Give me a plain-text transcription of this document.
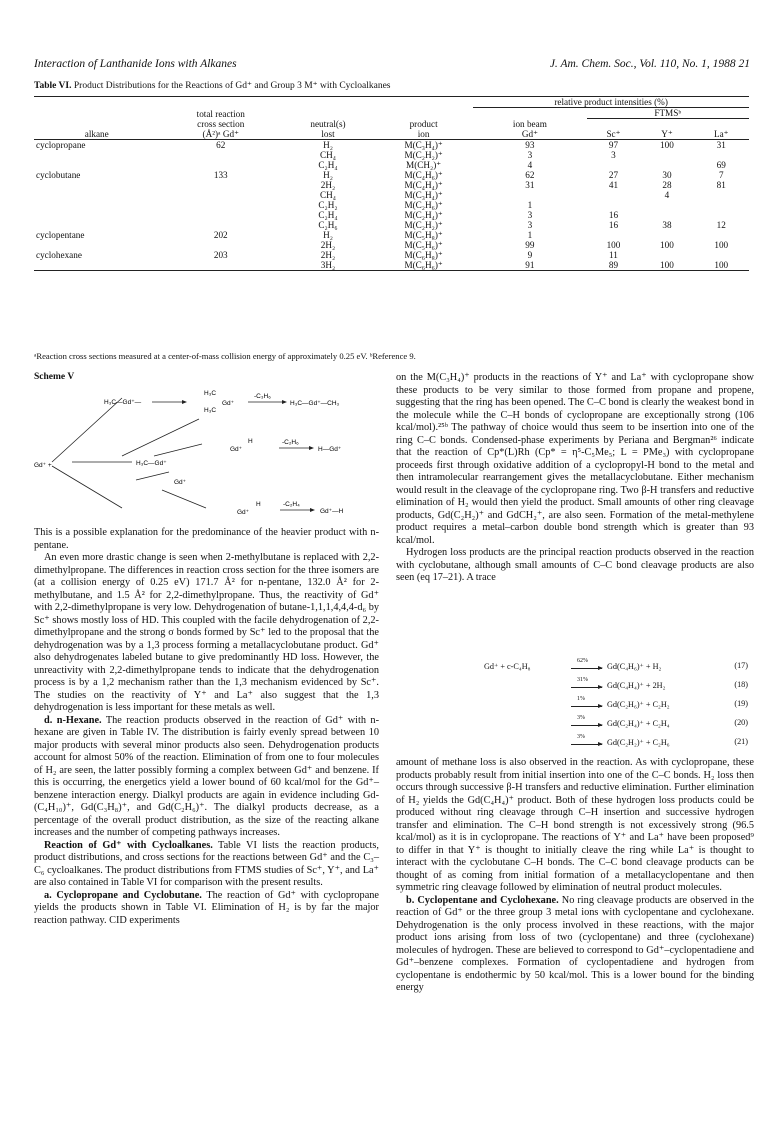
Interaction of Lanthanide Ions with Alkanes	J. Am. Chem. Soc., Vol. 110, No. 1, 1988 21
Table VI. Product Distributions for the Reactions of Gd⁺ and Group 3 M⁺ with Cycloalkanes
				relative product intensities (%)			
	total reaction				FTMSᵇ		
	cross section	neutral(s)	product	ion beam			
alkane	(Å²)ᵃ Gd⁺	lost	ion	Gd⁺	Sc⁺	Y⁺	La⁺
cyclopropane	62	H₂	M(C₃H₄)⁺	93	97	100	31
		CH₄	M(C₂H₂)⁺	3	3		
		C₂H₄	M(CH₂)⁺	4			69
cyclobutane	133	H₂	M(C₄H₆)⁺	62	27	30	7
		2H₂	M(C₄H₄)⁺	31	41	28	81
		CH₄	M(C₃H₄)⁺			4	
		C₂H₂	M(C₂H₆)⁺	1			
		C₂H₄	M(C₂H₄)⁺	3	16		
		C₂H₆	M(C₂H₂)⁺	3	16	38	12
cyclopentane	202	H₂	M(C₅H₈)⁺	1			
		2H₂	M(C₅H₆)⁺	99	100	100	100
cyclohexane	203	2H₂	M(C₆H₈)⁺	9	11		
		3H₂	M(C₆H₆)⁺	91	89	100	100
ᵃReaction cross sections measured at a center-of-mass collision energy of approximately 0.25 eV. ᵇReference 9.
Scheme V
Gd⁺ +
H₃C—Gd⁺—
H₃C
Gd⁺
H₃C
-C₃H₆
H₃C—Gd⁺—CH₃
H₃C—Gd⁺
H
Gd⁺
-C₂H₆
H—Gd⁺
Gd⁺
H
Gd⁺
-C₂H₄
Gd⁺—H

This is a possible explanation for the predominance of the heavier product with n-pentane.

An even more drastic change is seen when 2-methylbutane is replaced with 2,2-dimethylpropane. The differences in reaction cross section for the three isomers are (at a collision energy of 0.25 eV) 171.7 Å² for n-pentane, 132.0 Å² for 2-methylbutane, and 1.5 Å² for 2,2-dimethylpropane. Thus, the reactivity of Gd⁺ with 2,2-dimethylpropane is very low. Dehydrogenation of butane-1,1,1,4,4,4-d₆ by Sc⁺ shows mostly loss of HD. This coupled with the facile dehydrogenation of 2,2-dimethylpropane and the strong σ bonds formed by Sc⁺ led to the proposal that the dehydrogenation was by a 1,3 process forming a metallacyclobutane product. Gd⁺ also dehydrogenates labeled butane to give predominantly HD loss. However, the unreactivity with 2,2-dimethylpropane tends to indicate that the dehydrogenation process is by a 1,2 mechanism rather than the 1,3 mechanism evidenced by Sc⁺. The studies on the reactivity of Y⁺ and La⁺ also suggest that the 1,3 dehydrogenation is less important for these metals as well.

d. n-Hexane. The reaction products observed in the reaction of Gd⁺ with n-hexane are given in Table IV. The distribution is fairly evenly spread between 10 major products with several minor products also seen. Dehydrogenation products account for almost 50% of the reaction. Elimination of from one to four molecules of H₂ are seen, the latter possibly forming a complex between Gd⁺ and benzene. If this is occurring, the energetics yield a lower bound of 60 kcal/mol for the Gd⁺–benzene interaction energy. Dialkyl products are again in evidence including Gd-(C₄H₁₀)⁺, Gd(C₃H₈)⁺, and Gd(C₂H₆)⁺. The dialkyl products decrease, as a percentage of the overall product distribution, as the size of the reacting alkane increases and the number of competing pathways increases.

Reaction of Gd⁺ with Cycloalkanes. Table VI lists the reaction products, product distributions, and cross sections for the reactions between Gd⁺ and the C₃–C₆ cycloalkanes. The product distributions from FTMS studies of Sc⁺, Y⁺, and La⁺ are also contained in Table VI for comparison with the present results.

a. Cyclopropane and Cyclobutane. The reaction of Gd⁺ with cyclopropane yields the products shown in Table VI. Elimination of H₂ is by far the major reaction pathway. CID experiments

on the M(C₃H₄)⁺ products in the reactions of Y⁺ and La⁺ with cyclopropane show these products to be very similar to those formed from propane and propene, suggesting that the ring has been opened. The C–C bond is clearly the weakest bond in the molecule while the C–H bonds of cyclopropane are exceptionally strong (106 kcal/mol).²⁵ᵇ The pathway of choice would thus seem to be insertion into one of the ring C–C bonds. Condensed-phase experiments by Periana and Bergman²⁶ indicate that the reaction of Cp*(L)Rh (Cp* = η⁵-C₅Me₅; L = PMe₃) with cyclopropane proceeds first through oxidative addition of a cyclopropyl-H bond to the metal and then intramolecular rearrangement gives the metallacyclobutane. Either mechanism would result in the cleavage of the cyclopropane ring. Two β-H transfers and reductive elimination of H₂ would then yield the product. Small amounts of other ring cleavage products, Gd(C₂H₂)⁺ and GdCH₂⁺, are also seen. Formation of the metal-methylene product requires a metal–carbon double bond strength which is greater than 93 kcal/mol.

Hydrogen loss products are the principal reaction products observed in the reaction with cyclobutane, although small amounts of C–C bond cleavage products are also seen (eq 17–21). A trace

Gd⁺ + c-C₄H₈
62%
Gd(C₄H₆)⁺ + H₂	(17)
31%
Gd(C₄H₄)⁺ + 2H₂	(18)
1%
Gd(C₂H₆)⁺ + C₂H₂	(19)
3%
Gd(C₂H₄)⁺ + C₂H₄	(20)
3%
Gd(C₂H₂)⁺ + C₂H₆	(21)

amount of methane loss is also observed in the reaction. As with cyclopropane, these products probably result from initial insertion into one of the C–C bonds. H₂ loss then occurs through successive β-H transfers and reductive elimination. Further elimination of H₂ yields the Gd(C₄H₄)⁺ product. Both of these hydrogen loss products could be produced without ring cleavage through C–H insertion and successive hydrogen transfer and elimination. The C–H bond strength is not excessively strong (96.5 kcal/mol) as it is in cyclopropane. The reactions of Y⁺ and La⁺ have been proposed⁹ to differ in that Y⁺ is thought to initially cleave the ring while La⁺ is thought to interact with the cyclobutane C–H bonds. The C–C bond cleavage products can be thought of as coming from initial formation of a metallacyclopentane and then symmetric ring cleavage followed by elimination of neutral product molecules.

b. Cyclopentane and Cyclohexane. No ring cleavage products are observed in the reaction of Gd⁺ or the three group 3 metal ions with cyclopentane and cyclohexane. Dehydrogenation is the only process involved in these reactions, with the major product ions arising from loss of two (cyclopentane) and three (cyclohexane) molecules of hydrogen. These are believed to correspond to Gd⁺–cyclopentadiene and Gd⁺–benzene complexes. Formation of cyclopentadiene and hydrogen from cyclopentane is endothermic by 50 kcal/mol. This is a lower bound for the binding energy
